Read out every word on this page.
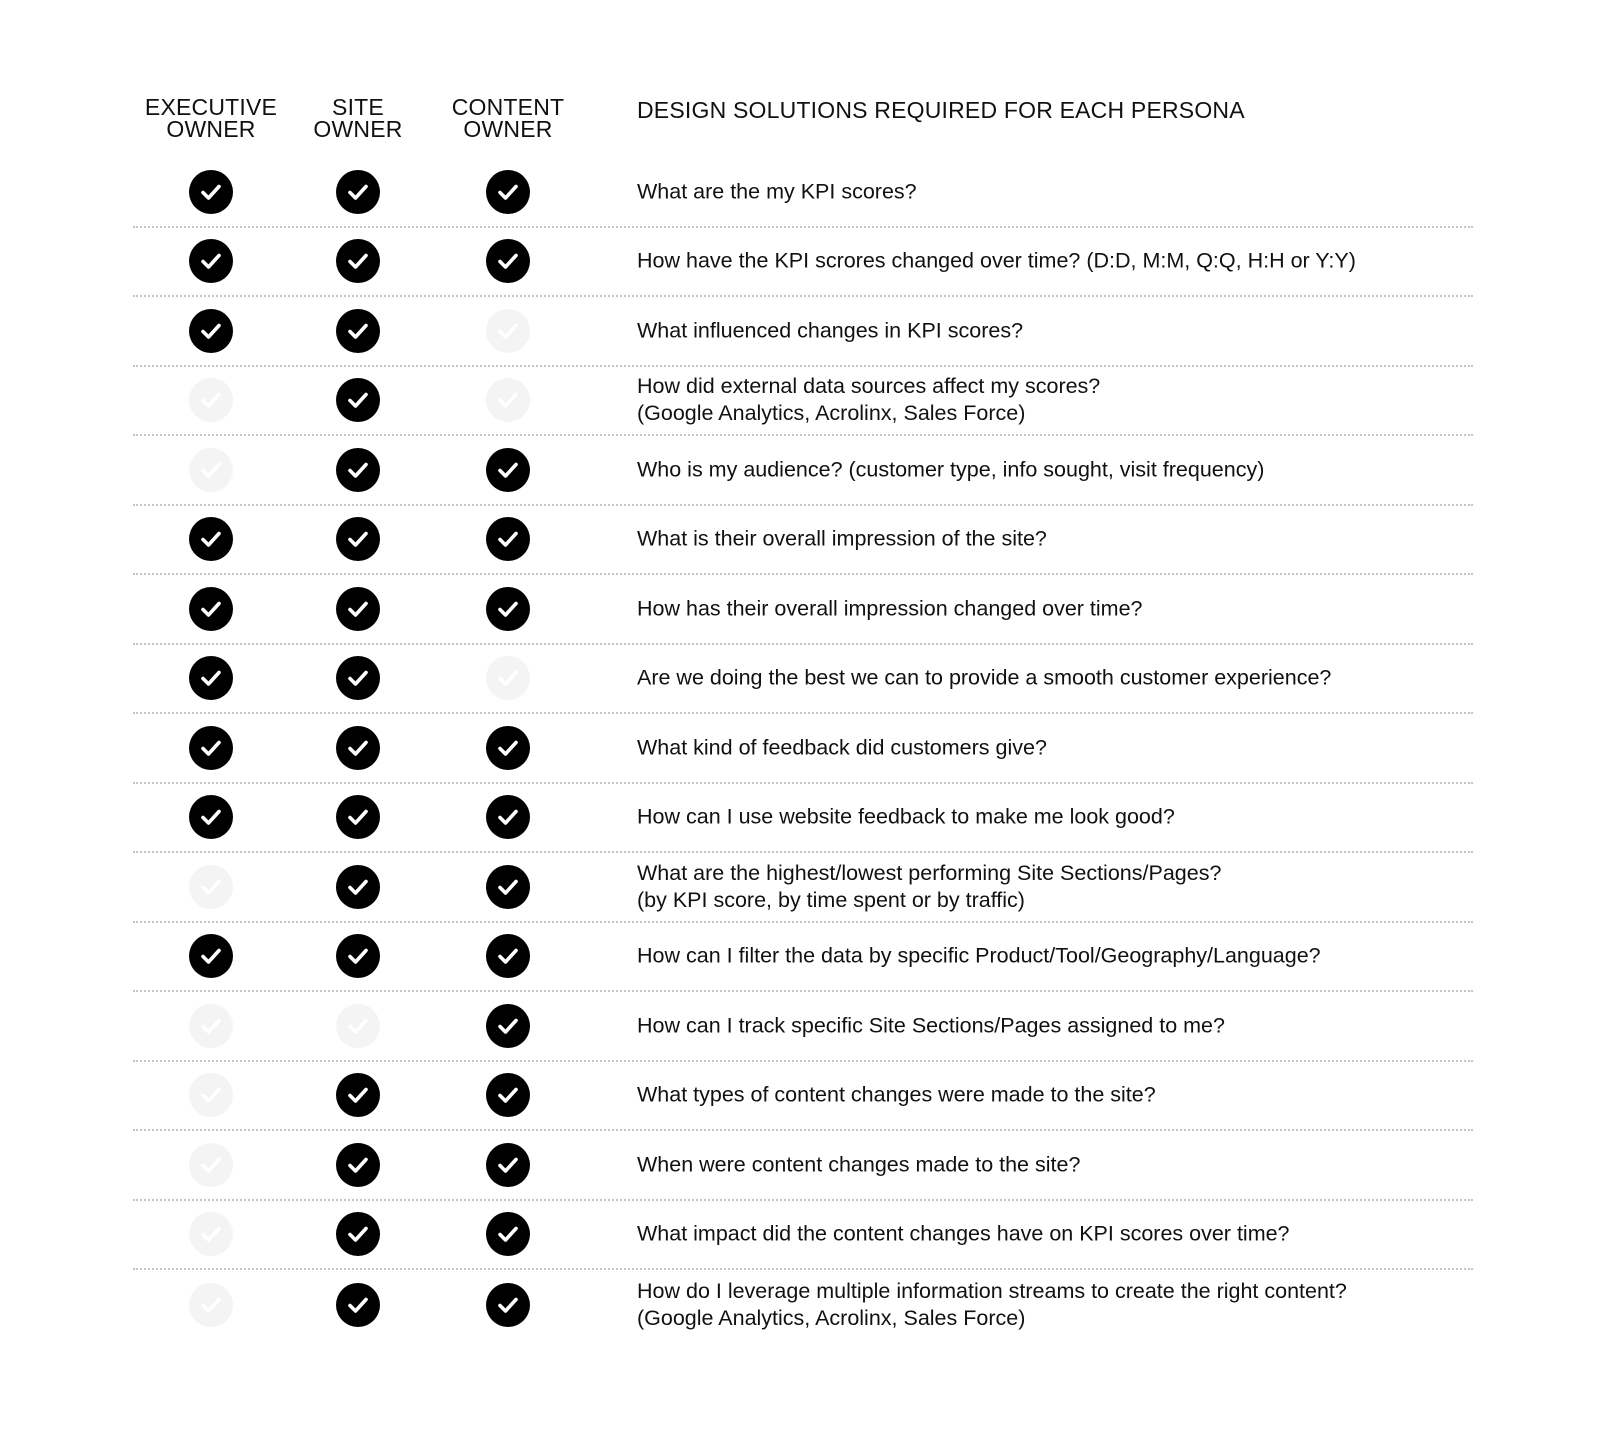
EXECUTIVE
OWNER
SITE
OWNER
CONTENT
OWNER
DESIGN SOLUTIONS REQUIRED FOR EACH PERSONA
What are the my KPI scores?
How have the KPI scrores changed over time? (D:D, M:M, Q:Q, H:H or Y:Y)
What influenced changes in KPI scores?
How did external data sources affect my scores?
(Google Analytics, Acrolinx, Sales Force)
Who is my audience? (customer type, info sought, visit frequency)
What is their overall impression of the site?
How has their overall impression changed over time?
Are we doing the best we can to provide a smooth customer experience?
What kind of feedback did customers give?
How can I use website feedback to make me look good?
What are the highest/lowest performing Site Sections/Pages?
(by KPI score, by time spent or by traffic)
How can I filter the data by specific Product/Tool/Geography/Language?
How can I track specific Site Sections/Pages assigned to me?
What types of content changes were made to the site?
When were content changes made to the site?
What impact did the content changes have on KPI scores over time?
How do I leverage multiple information streams to create the right content?
(Google Analytics, Acrolinx, Sales Force)
